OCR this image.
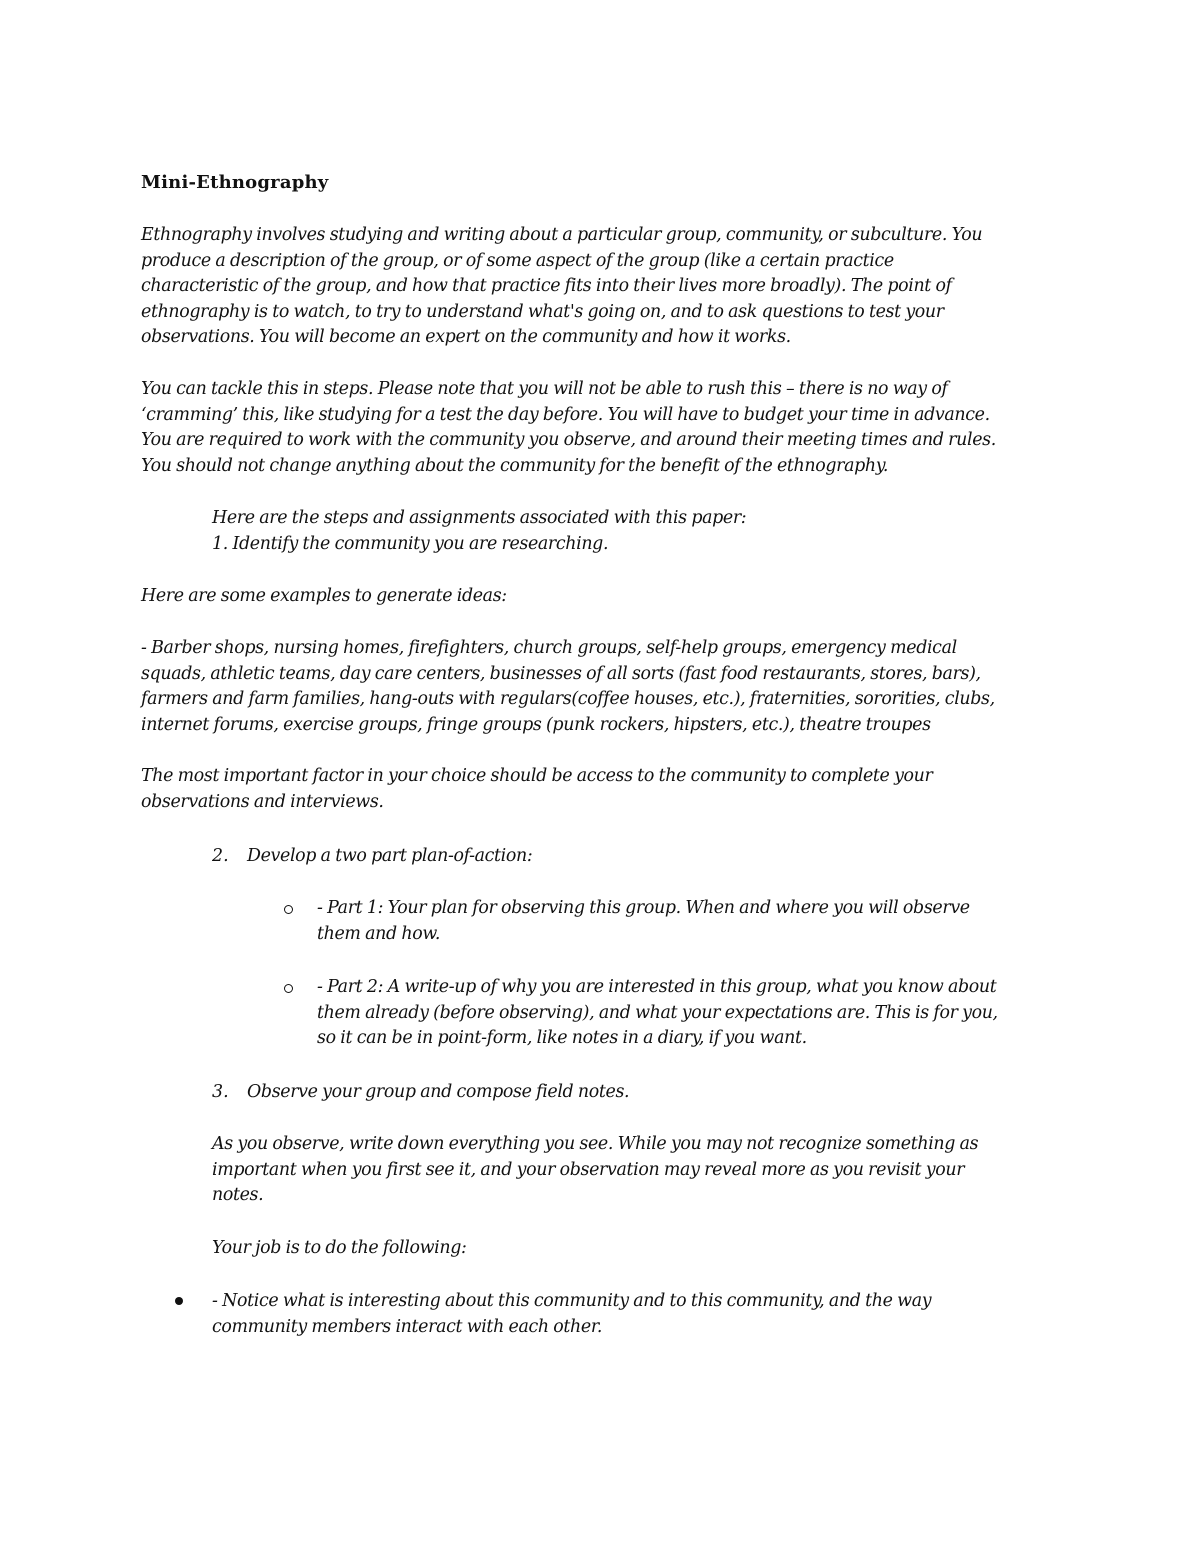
Mini-Ethnography
Ethnography involves studying and writing about a particular group, community, or subculture. You
produce a description of the group, or of some aspect of the group (like a certain practice
characteristic of the group, and how that practice fits into their lives more broadly). The point of
ethnography is to watch, to try to understand what's going on, and to ask questions to test your
observations. You will become an expert on the community and how it works.
You can tackle this in steps. Please note that you will not be able to rush this – there is no way of
‘cramming’ this, like studying for a test the day before. You will have to budget your time in advance.
You are required to work with the community you observe, and around their meeting times and rules.
You should not change anything about the community for the benefit of the ethnography.
Here are the steps and assignments associated with this paper:
1. Identify the community you are researching.
Here are some examples to generate ideas:
- Barber shops, nursing homes, firefighters, church groups, self-help groups, emergency medical
squads, athletic teams, day care centers, businesses of all sorts (fast food restaurants, stores, bars),
farmers and farm families, hang-outs with regulars(coffee houses, etc.), fraternities, sororities, clubs,
internet forums, exercise groups, fringe groups (punk rockers, hipsters, etc.), theatre troupes
The most important factor in your choice should be access to the community to complete your
observations and interviews.
2. Develop a two part plan-of-action:
- Part 1: Your plan for observing this group. When and where you will observe
them and how.
- Part 2: A write-up of why you are interested in this group, what you know about
them already (before observing), and what your expectations are. This is for you,
so it can be in point-form, like notes in a diary, if you want.
3. Observe your group and compose field notes.
As you observe, write down everything you see. While you may not recognize something as
important when you first see it, and your observation may reveal more as you revisit your
notes.
Your job is to do the following:
- Notice what is interesting about this community and to this community, and the way
community members interact with each other.
